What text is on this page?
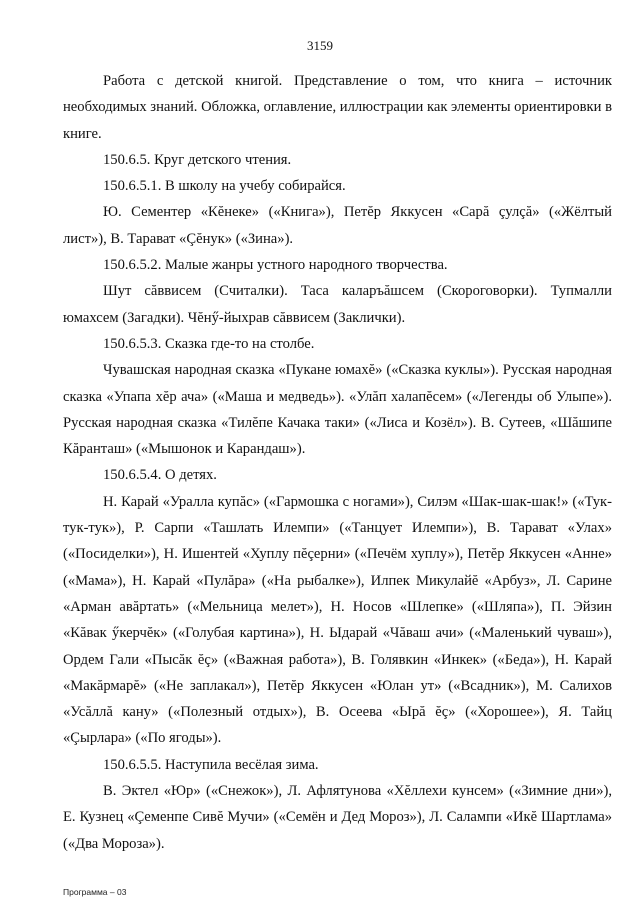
3159

Работа с детской книгой. Представление о том, что книга – источник необходимых знаний. Обложка, оглавление, иллюстрации как элементы ориентировки в книге.

150.6.5. Круг детского чтения.

150.6.5.1. В школу на учебу собирайся.

Ю. Сементер «Кĕнеке» («Книга»), Петĕр Яккусен «Сарă çулçă» («Жёлтый лист»), В. Тарават «Çĕнук» («Зина»).

150.6.5.2. Малые жанры устного народного творчества.

Шут сăввисем (Считалки). Таса каларъăшсем (Скороговорки). Тупмалли юмахсем (Загадки). Чĕнӳ-йыхрав сăввисем (Заклички).

150.6.5.3. Сказка где-то на столбе.

Чувашская народная сказка «Пукане юмахĕ» («Сказка куклы»). Русская народная сказка «Упапа хĕр ача» («Маша и медведь»). «Улăп халапĕсем» («Легенды об Улыпе»). Русская народная сказка «Тилĕпе Качака таки» («Лиса и Козёл»). В. Сутеев, «Шăшипе Кăранташ» («Мышонок и Карандаш»).

150.6.5.4. О детях.

Н. Карай «Уралла купăс» («Гармошка с ногами»), Силэм «Шак-шак-шак!» («Тук-тук-тук»), Р. Сарпи «Ташлать Илемпи» («Танцует Илемпи»), В. Тарават «Улах» («Посиделки»), Н. Ишентей «Хуплу пĕçерни» («Печём хуплу»), Петĕр Яккусен «Анне» («Мама»), Н. Карай «Пулăра» («На рыбалке»), Илпек Микулайĕ «Арбуз», Л. Сарине «Арман авăртать» («Мельница мелет»), Н. Носов «Шлепке» («Шляпа»), П. Эйзин «Кăвак ӳкерчĕк» («Голубая картина»), Н. Ыдарай «Чăваш ачи» («Маленький чуваш»), Ордем Гали «Пысăк ĕç» («Важная работа»), В. Голявкин «Инкек» («Беда»), Н. Карай «Макăрмарĕ» («Не заплакал»), Петĕр Яккусен «Юлан ут» («Всадник»), М. Салихов «Усăллă кану» («Полезный отдых»), В. Осеева «Ырă ĕç» («Хорошее»), Я. Тайц «Çырлара» («По ягоды»).

150.6.5.5. Наступила весёлая зима.

В. Эктел «Юр» («Снежок»), Л. Афлятунова «Хĕллехи кунсем» («Зимние дни»), Е. Кузнец «Çеменпе Сивĕ Мучи» («Семён и Дед Мороз»), Л. Салампи «Икĕ Шартлама» («Два Мороза»).

Программа – 03
